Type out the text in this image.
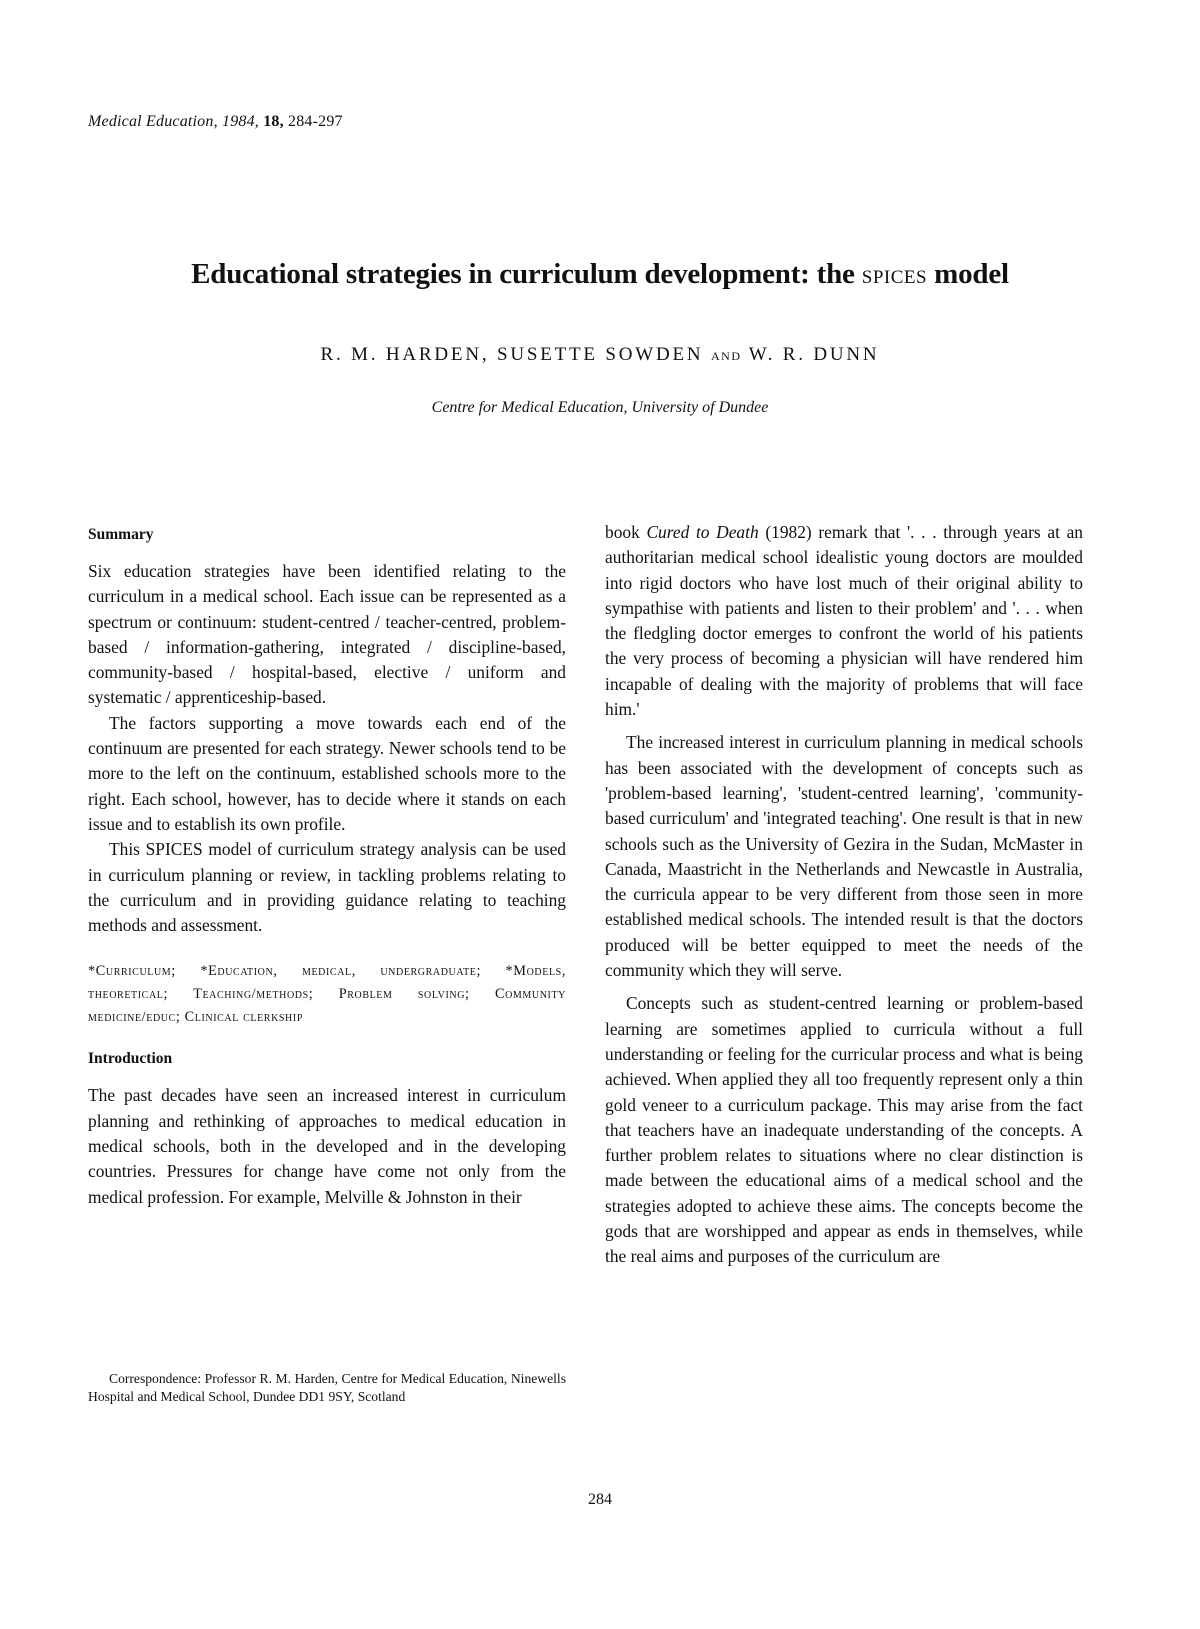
Medical Education, 1984, 18, 284-297
Educational strategies in curriculum development: the spices model
R. M. HARDEN, SUSETTE SOWDEN AND W. R. DUNN
Centre for Medical Education, University of Dundee
Summary

Six education strategies have been identified relating to the curriculum in a medical school. Each issue can be represented as a spectrum or continuum: student-centred / teacher-centred, problem-based / information-gathering, integrated / discipline-based, community-based / hospital-based, elective / uniform and systematic / apprenticeship-based.

The factors supporting a move towards each end of the continuum are presented for each strategy. Newer schools tend to be more to the left on the continuum, established schools more to the right. Each school, however, has to decide where it stands on each issue and to establish its own profile.

This SPICES model of curriculum strategy analysis can be used in curriculum planning or review, in tackling problems relating to the curriculum and in providing guidance relating to teaching methods and assessment.

*Curriculum; *Education, medical, undergraduate; *Models, theoretical; Teaching/methods; Problem solving; Community medicine/educ; Clinical clerkship

Introduction

The past decades have seen an increased interest in curriculum planning and rethinking of approaches to medical education in medical schools, both in the developed and in the developing countries. Pressures for change have come not only from the medical profession. For example, Melville & Johnston in their

Correspondence: Professor R. M. Harden, Centre for Medical Education, Ninewells Hospital and Medical School, Dundee DD1 9SY, Scotland

book Cured to Death (1982) remark that '. . . through years at an authoritarian medical school idealistic young doctors are moulded into rigid doctors who have lost much of their original ability to sympathise with patients and listen to their problem' and '. . . when the fledgling doctor emerges to confront the world of his patients the very process of becoming a physician will have rendered him incapable of dealing with the majority of problems that will face him.'

The increased interest in curriculum planning in medical schools has been associated with the development of concepts such as 'problem-based learning', 'student-centred learning', 'community-based curriculum' and 'integrated teaching'. One result is that in new schools such as the University of Gezira in the Sudan, McMaster in Canada, Maastricht in the Netherlands and Newcastle in Australia, the curricula appear to be very different from those seen in more established medical schools. The intended result is that the doctors produced will be better equipped to meet the needs of the community which they will serve.

Concepts such as student-centred learning or problem-based learning are sometimes applied to curricula without a full understanding or feeling for the curricular process and what is being achieved. When applied they all too frequently represent only a thin gold veneer to a curriculum package. This may arise from the fact that teachers have an inadequate understanding of the concepts. A further problem relates to situations where no clear distinction is made between the educational aims of a medical school and the strategies adopted to achieve these aims. The concepts become the gods that are worshipped and appear as ends in themselves, while the real aims and purposes of the curriculum are

284
